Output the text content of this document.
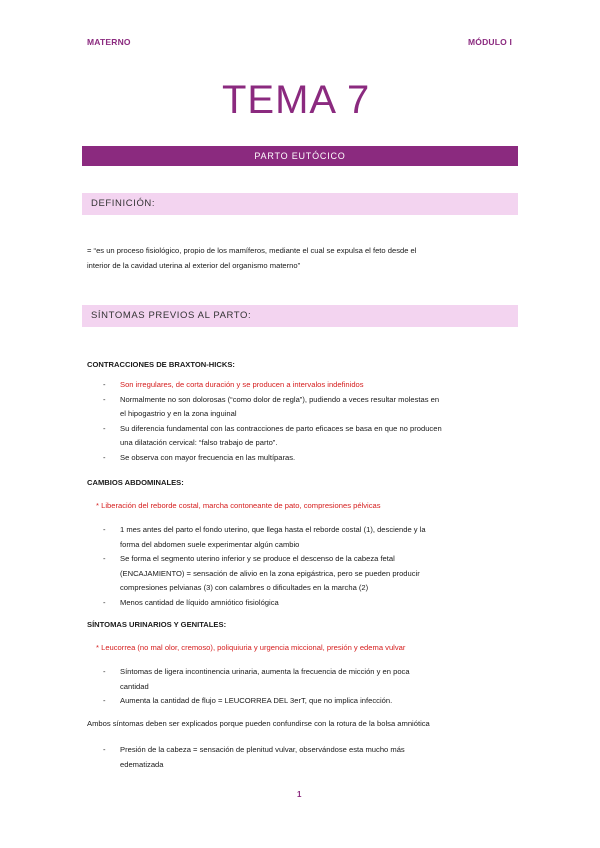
MATERNO	MÓDULO I
TEMA 7
PARTO EUTÓCICO
DEFINICIÓN:
= “es un proceso fisiológico, propio de los mamíferos, mediante el cual se expulsa el feto desde el
interior de la cavidad uterina al exterior del organismo materno”
SÍNTOMAS PREVIOS AL PARTO:
CONTRACCIONES DE BRAXTON-HICKS:
- Son irregulares, de corta duración y se producen a intervalos indefinidos
- Normalmente no son dolorosas (“como dolor de regla”), pudiendo a veces resultar molestas en
el hipogastrio y en la zona inguinal
- Su diferencia fundamental con las contracciones de parto eficaces se basa en que no producen
una dilatación cervical: “falso trabajo de parto”.
- Se observa con mayor frecuencia en las multíparas.
CAMBIOS ABDOMINALES:
* Liberación del reborde costal, marcha contoneante de pato, compresiones pélvicas
- 1 mes antes del parto el fondo uterino, que llega hasta el reborde costal (1), desciende y la
forma del abdomen suele experimentar algún cambio
- Se forma el segmento uterino inferior y se produce el descenso de la cabeza fetal
(ENCAJAMIENTO) = sensación de alivio en la zona epigástrica, pero se pueden producir
compresiones pelvianas (3) con calambres o dificultades en la marcha (2)
- Menos cantidad de líquido amniótico fisiológica
SÍNTOMAS URINARIOS Y GENITALES:
* Leucorrea (no mal olor, cremoso), poliquiuria y urgencia miccional, presión y edema vulvar
- Síntomas de ligera incontinencia urinaria, aumenta la frecuencia de micción y en poca
cantidad
- Aumenta la cantidad de flujo = LEUCORREA DEL 3erT, que no implica infección.
Ambos síntomas deben ser explicados porque pueden confundirse con la rotura de la bolsa amniótica
- Presión de la cabeza = sensación de plenitud vulvar, observándose esta mucho más
edematizada
1
